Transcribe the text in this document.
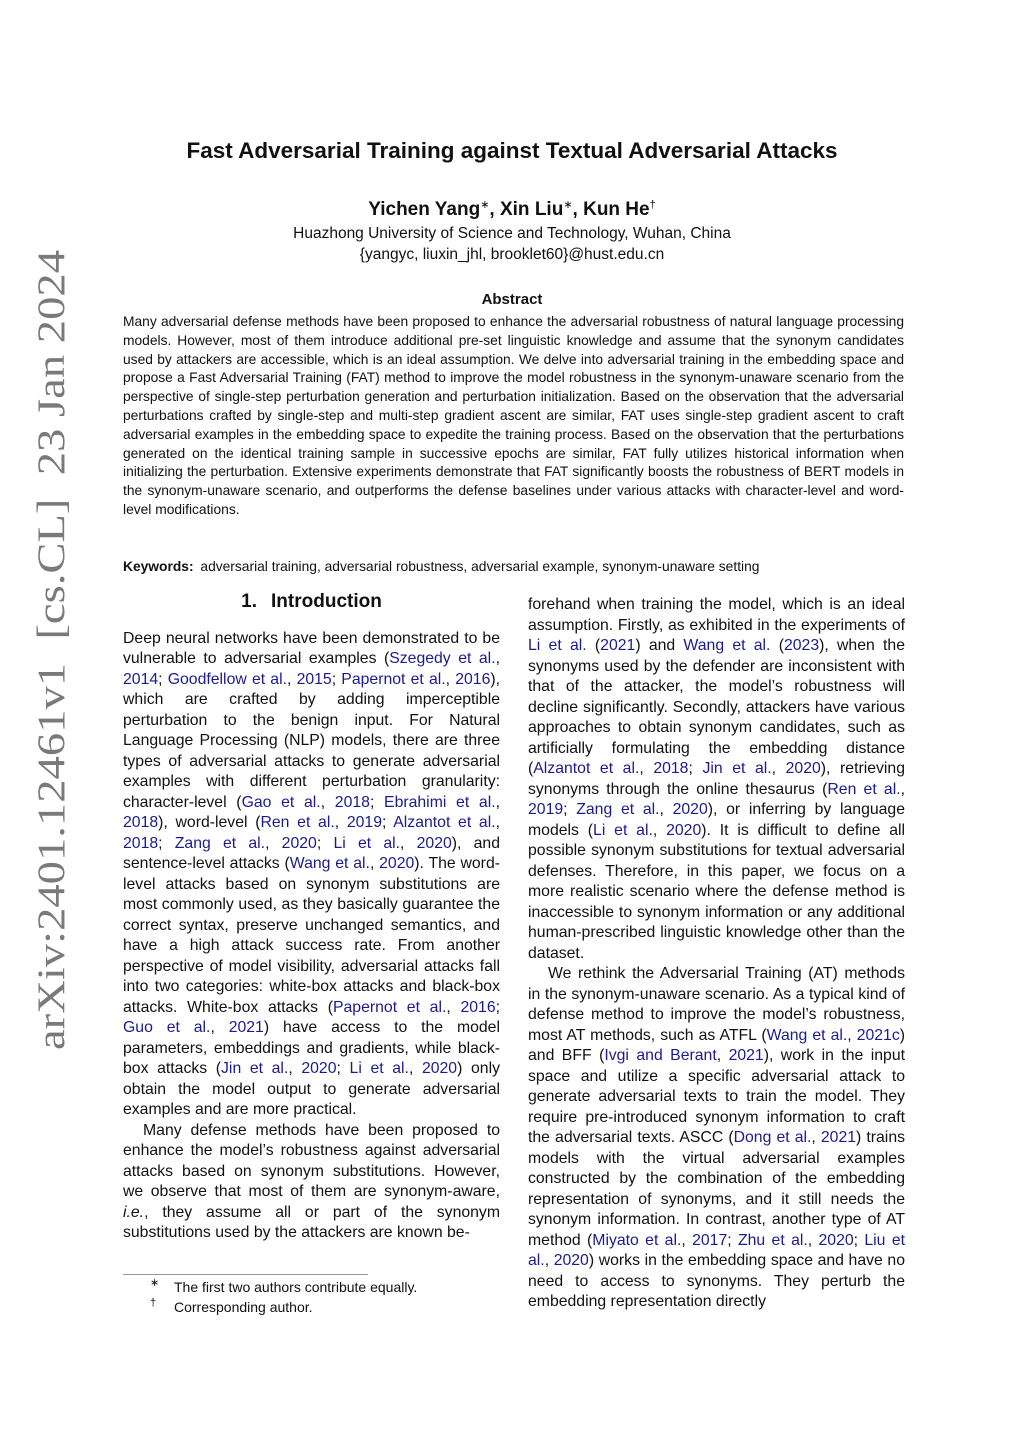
arXiv:2401.12461v1  [cs.CL]  23 Jan 2024
Fast Adversarial Training against Textual Adversarial Attacks
Yichen Yang∗, Xin Liu∗, Kun He†
Huazhong University of Science and Technology, Wuhan, China
{yangyc, liuxin_jhl, brooklet60}@hust.edu.cn
Abstract
Many adversarial defense methods have been proposed to enhance the adversarial robustness of natural language processing models. However, most of them introduce additional pre-set linguistic knowledge and assume that the synonym candidates used by attackers are accessible, which is an ideal assumption. We delve into adversarial training in the embedding space and propose a Fast Adversarial Training (FAT) method to improve the model robustness in the synonym-unaware scenario from the perspective of single-step perturbation generation and perturbation initialization. Based on the observation that the adversarial perturbations crafted by single-step and multi-step gradient ascent are similar, FAT uses single-step gradient ascent to craft adversarial examples in the embedding space to expedite the training process. Based on the observation that the perturbations generated on the identical training sample in successive epochs are similar, FAT fully utilizes historical information when initializing the perturbation. Extensive experiments demonstrate that FAT significantly boosts the robustness of BERT models in the synonym-unaware scenario, and outperforms the defense baselines under various attacks with character-level and word-level modifications.
Keywords: adversarial training, adversarial robustness, adversarial example, synonym-unaware setting
1. Introduction

Deep neural networks have been demonstrated to be vulnerable to adversarial examples (Szegedy et al., 2014; Goodfellow et al., 2015; Papernot et al., 2016), which are crafted by adding imperceptible perturbation to the benign input. For Natural Language Processing (NLP) models, there are three types of adversarial attacks to generate adversarial examples with different perturbation granularity: character-level (Gao et al., 2018; Ebrahimi et al., 2018), word-level (Ren et al., 2019; Alzantot et al., 2018; Zang et al., 2020; Li et al., 2020), and sentence-level attacks (Wang et al., 2020). The word-level attacks based on synonym substitutions are most commonly used, as they basically guarantee the correct syntax, preserve unchanged semantics, and have a high attack success rate. From another perspective of model visibility, adversarial attacks fall into two categories: white-box attacks and black-box attacks. White-box attacks (Papernot et al., 2016; Guo et al., 2021) have access to the model parameters, embeddings and gradients, while black-box attacks (Jin et al., 2020; Li et al., 2020) only obtain the model output to generate adversarial examples and are more practical.

Many defense methods have been proposed to enhance the model’s robustness against adversarial attacks based on synonym substitutions. However, we observe that most of them are synonym-aware, i.e., they assume all or part of the synonym substitutions used by the attackers are known be-

forehand when training the model, which is an ideal assumption. Firstly, as exhibited in the experiments of Li et al. (2021) and Wang et al. (2023), when the synonyms used by the defender are inconsistent with that of the attacker, the model’s robustness will decline significantly. Secondly, attackers have various approaches to obtain synonym candidates, such as artificially formulating the embedding distance (Alzantot et al., 2018; Jin et al., 2020), retrieving synonyms through the online thesaurus (Ren et al., 2019; Zang et al., 2020), or inferring by language models (Li et al., 2020). It is difficult to define all possible synonym substitutions for textual adversarial defenses. Therefore, in this paper, we focus on a more realistic scenario where the defense method is inaccessible to synonym information or any additional human-prescribed linguistic knowledge other than the dataset.

We rethink the Adversarial Training (AT) methods in the synonym-unaware scenario. As a typical kind of defense method to improve the model’s robustness, most AT methods, such as ATFL (Wang et al., 2021c) and BFF (Ivgi and Berant, 2021), work in the input space and utilize a specific adversarial attack to generate adversarial texts to train the model. They require pre-introduced synonym information to craft the adversarial texts. ASCC (Dong et al., 2021) trains models with the virtual adversarial examples constructed by the combination of the embedding representation of synonyms, and it still needs the synonym information. In contrast, another type of AT method (Miyato et al., 2017; Zhu et al., 2020; Liu et al., 2020) works in the embedding space and have no need to access to synonyms. They perturb the embedding representation directly

∗ The first two authors contribute equally.
† Corresponding author.
